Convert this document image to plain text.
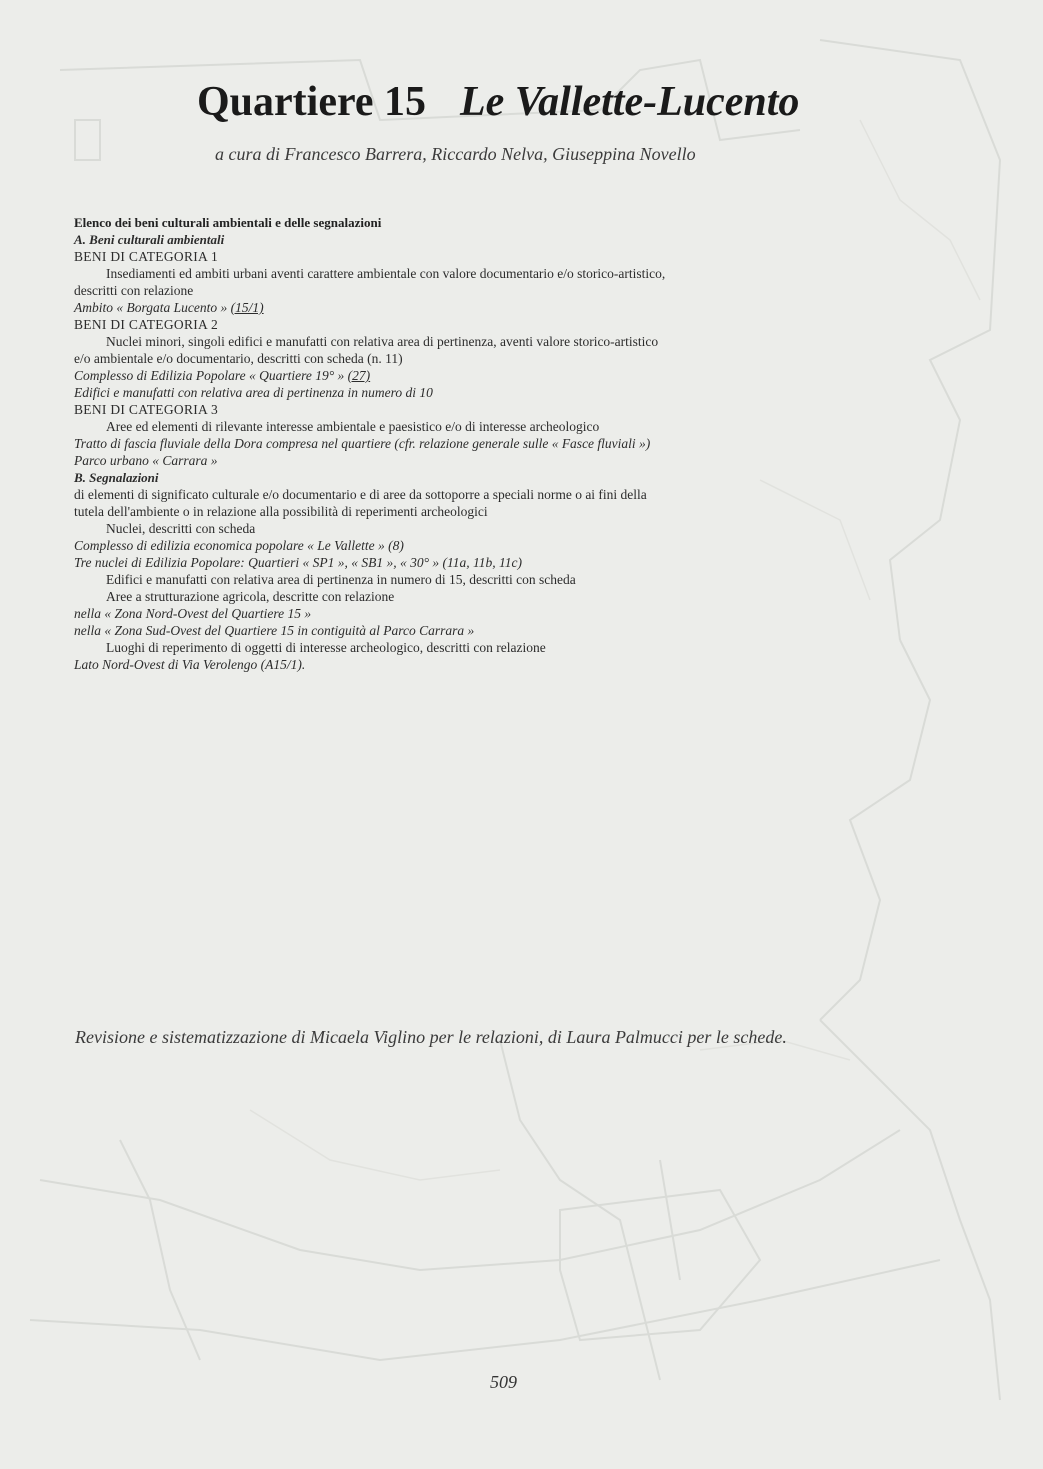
Quartiere 15 Le Vallette-Lucento
a cura di Francesco Barrera, Riccardo Nelva, Giuseppina Novello

Elenco dei beni culturali ambientali e delle segnalazioni

A. Beni culturali ambientali

BENI DI CATEGORIA 1

Insediamenti ed ambiti urbani aventi carattere ambientale con valore documentario e/o storico-artistico, descritti con relazione

Ambito « Borgata Lucento » (15/1)

BENI DI CATEGORIA 2

Nuclei minori, singoli edifici e manufatti con relativa area di pertinenza, aventi valore storico-artistico e/o ambientale e/o documentario, descritti con scheda (n. 11)

Complesso di Edilizia Popolare « Quartiere 19° » (27)

Edifici e manufatti con relativa area di pertinenza in numero di 10

BENI DI CATEGORIA 3

Aree ed elementi di rilevante interesse ambientale e paesistico e/o di interesse archeologico

Tratto di fascia fluviale della Dora compresa nel quartiere (cfr. relazione generale sulle « Fasce fluviali »)

Parco urbano « Carrara »

B. Segnalazioni

di elementi di significato culturale e/o documentario e di aree da sottoporre a speciali norme o ai fini della tutela dell'ambiente o in relazione alla possibilità di reperimenti archeologici

Nuclei, descritti con scheda

Complesso di edilizia economica popolare « Le Vallette » (8)

Tre nuclei di Edilizia Popolare: Quartieri « SP1 », « SB1 », « 30° » (11a, 11b, 11c)

Edifici e manufatti con relativa area di pertinenza in numero di 15, descritti con scheda

Aree a strutturazione agricola, descritte con relazione

nella « Zona Nord-Ovest del Quartiere 15 »

nella « Zona Sud-Ovest del Quartiere 15 in contiguità al Parco Carrara »

Luoghi di reperimento di oggetti di interesse archeologico, descritti con relazione

Lato Nord-Ovest di Via Verolengo (A15/1).

Revisione e sistematizzazione di Micaela Viglino per le relazioni, di Laura Palmucci per le schede.
509
